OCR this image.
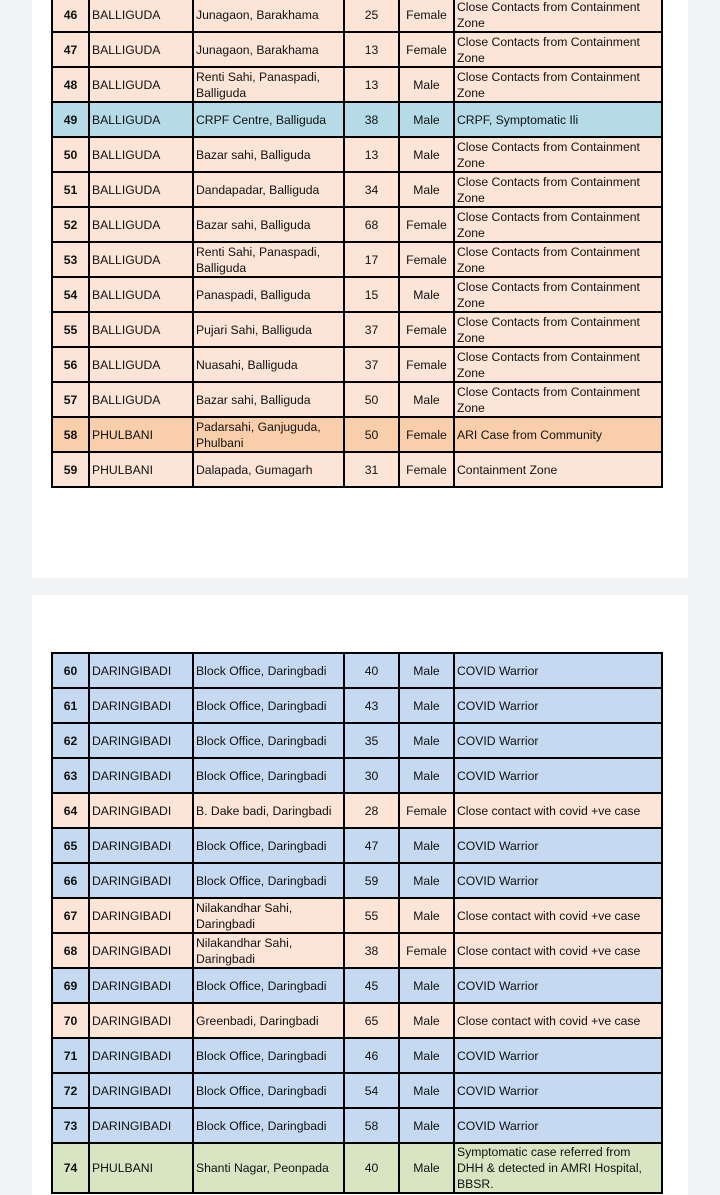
46	BALLIGUDA	Junagaon, Barakhama	25	Female	Close Contacts from Containment Zone
47	BALLIGUDA	Junagaon, Barakhama	13	Female	Close Contacts from Containment Zone
48	BALLIGUDA	Renti Sahi, Panaspadi, Balliguda	13	Male	Close Contacts from Containment Zone
49	BALLIGUDA	CRPF Centre, Balliguda	38	Male	CRPF, Symptomatic Ili
50	BALLIGUDA	Bazar sahi, Balliguda	13	Male	Close Contacts from Containment Zone
51	BALLIGUDA	Dandapadar, Balliguda	34	Male	Close Contacts from Containment Zone
52	BALLIGUDA	Bazar sahi, Balliguda	68	Female	Close Contacts from Containment Zone
53	BALLIGUDA	Renti Sahi, Panaspadi, Balliguda	17	Female	Close Contacts from Containment Zone
54	BALLIGUDA	Panaspadi, Balliguda	15	Male	Close Contacts from Containment Zone
55	BALLIGUDA	Pujari Sahi, Balliguda	37	Female	Close Contacts from Containment Zone
56	BALLIGUDA	Nuasahi, Balliguda	37	Female	Close Contacts from Containment Zone
57	BALLIGUDA	Bazar sahi, Balliguda	50	Male	Close Contacts from Containment Zone
58	PHULBANI	Padarsahi, Ganjuguda, Phulbani	50	Female	ARI Case from Community
59	PHULBANI	Dalapada, Gumagarh	31	Female	Containment Zone
60	DARINGIBADI	Block Office, Daringbadi	40	Male	COVID Warrior
61	DARINGIBADI	Block Office, Daringbadi	43	Male	COVID Warrior
62	DARINGIBADI	Block Office, Daringbadi	35	Male	COVID Warrior
63	DARINGIBADI	Block Office, Daringbadi	30	Male	COVID Warrior
64	DARINGIBADI	B. Dake badi, Daringbadi	28	Female	Close contact with covid +ve case
65	DARINGIBADI	Block Office, Daringbadi	47	Male	COVID Warrior
66	DARINGIBADI	Block Office, Daringbadi	59	Male	COVID Warrior
67	DARINGIBADI	Nilakandhar Sahi, Daringbadi	55	Male	Close contact with covid +ve case
68	DARINGIBADI	Nilakandhar Sahi, Daringbadi	38	Female	Close contact with covid +ve case
69	DARINGIBADI	Block Office, Daringbadi	45	Male	COVID Warrior
70	DARINGIBADI	Greenbadi, Daringbadi	65	Male	Close contact with covid +ve case
71	DARINGIBADI	Block Office, Daringbadi	46	Male	COVID Warrior
72	DARINGIBADI	Block Office, Daringbadi	54	Male	COVID Warrior
73	DARINGIBADI	Block Office, Daringbadi	58	Male	COVID Warrior
74	PHULBANI	Shanti Nagar, Peonpada	40	Male	Symptomatic case referred from DHH & detected in AMRI Hospital, BBSR.
